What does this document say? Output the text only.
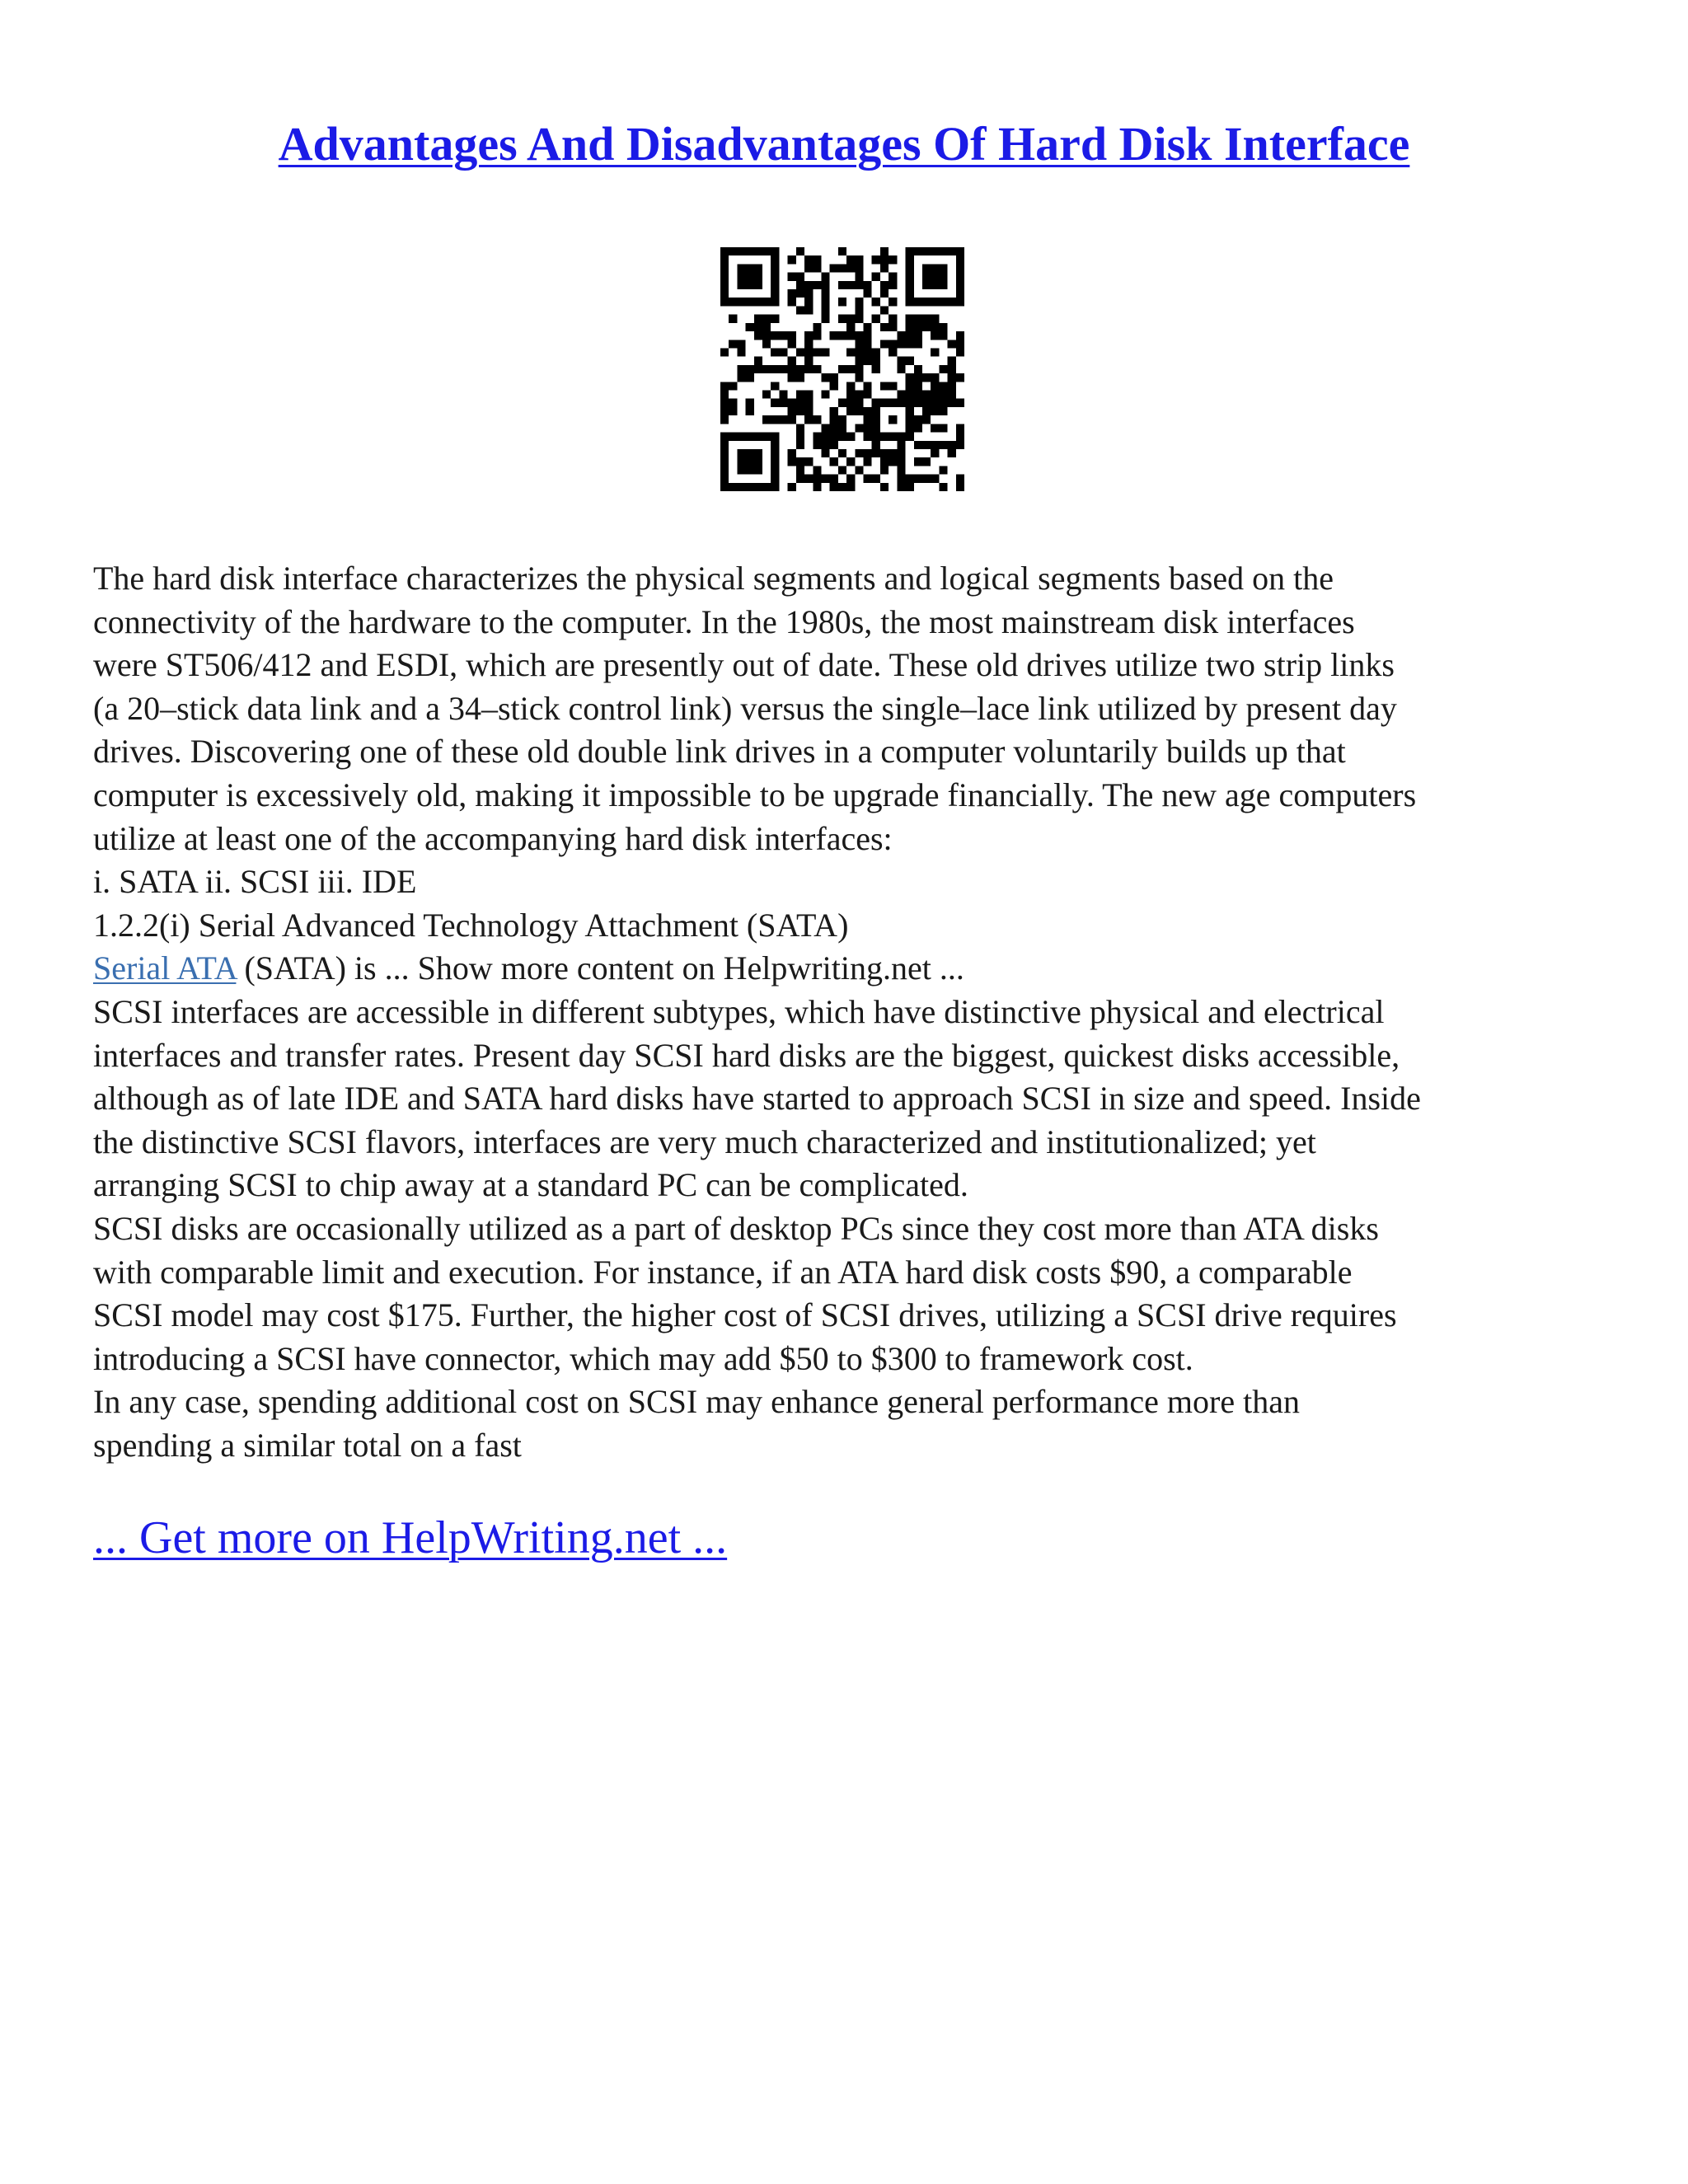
Advantages And Disadvantages Of Hard Disk Interface
The hard disk interface characterizes the physical segments and logical segments based on the
connectivity of the hardware to the computer. In the 1980s, the most mainstream disk interfaces
were ST506/412 and ESDI, which are presently out of date. These old drives utilize two strip links
(a 20–stick data link and a 34–stick control link) versus the single–lace link utilized by present day
drives. Discovering one of these old double link drives in a computer voluntarily builds up that
computer is excessively old, making it impossible to be upgrade financially. The new age computers
utilize at least one of the accompanying hard disk interfaces:
i. SATA ii. SCSI iii. IDE
1.2.2(i) Serial Advanced Technology Attachment (SATA)
Serial ATA (SATA) is ... Show more content on Helpwriting.net ...
SCSI interfaces are accessible in different subtypes, which have distinctive physical and electrical
interfaces and transfer rates. Present day SCSI hard disks are the biggest, quickest disks accessible,
although as of late IDE and SATA hard disks have started to approach SCSI in size and speed. Inside
the distinctive SCSI flavors, interfaces are very much characterized and institutionalized; yet
arranging SCSI to chip away at a standard PC can be complicated.
SCSI disks are occasionally utilized as a part of desktop PCs since they cost more than ATA disks
with comparable limit and execution. For instance, if an ATA hard disk costs $90, a comparable
SCSI model may cost $175. Further, the higher cost of SCSI drives, utilizing a SCSI drive requires
introducing a SCSI have connector, which may add $50 to $300 to framework cost.
In any case, spending additional cost on SCSI may enhance general performance more than
spending a similar total on a fast
... Get more on HelpWriting.net ...
